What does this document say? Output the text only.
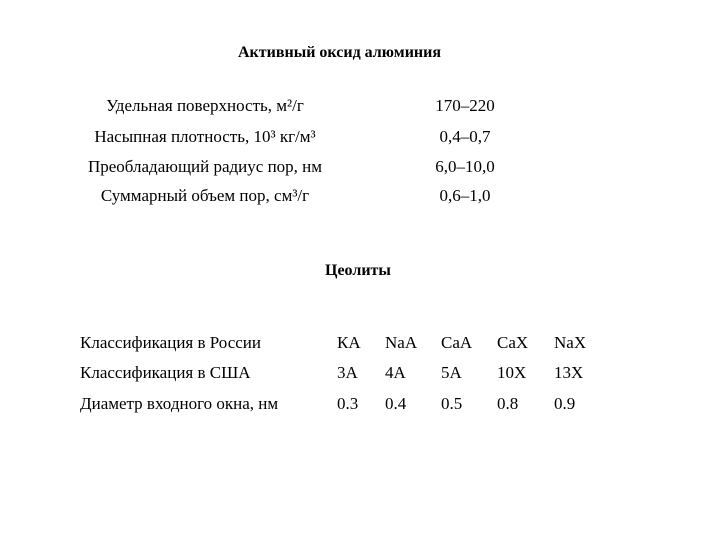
Активный оксид алюминия
Удельная поверхность, м²/г	170–220
Насыпная плотность, 10³ кг/м³	0,4–0,7
Преобладающий радиус пор, нм	6,0–10,0
Суммарный объем пор, см³/г	0,6–1,0
Цеолиты
Классификация в России	КА NaA CaA CaX NaX
Классификация в США	3A 4A 5A 10X 13X
Диаметр входного окна, нм	0.3 0.4 0.5 0.8 0.9
